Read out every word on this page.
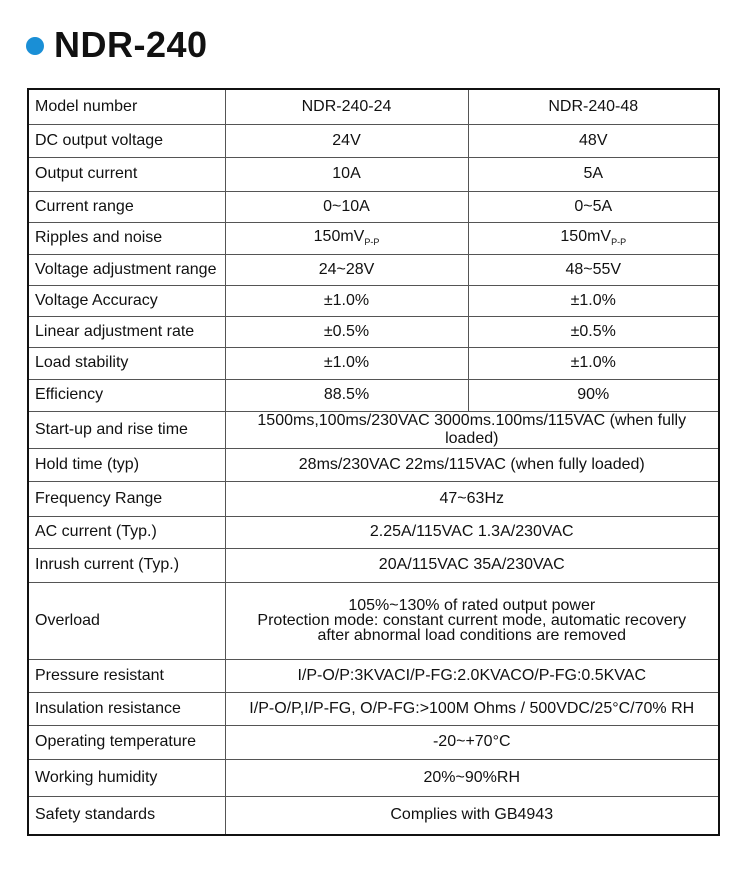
NDR-240
Model number	NDR-240-24	NDR-240-48
DC output voltage	24V	48V
Output current	10A	5A
Current range	0~10A	0~5A
Ripples and noise	$150mV_{P-P}$	$150mV_{P-P}$
Voltage adjustment range	24~28V	48~55V
Voltage Accuracy	±1.0%	±1.0%
Linear adjustment rate	±0.5%	±0.5%
Load stability	±1.0%	±1.0%
Efficiency	88.5%	90%
Start-up and rise time	1500ms,100ms/230VAC 3000ms.100ms/115VAC (when fully loaded)	
Hold time (typ)	28ms/230VAC 22ms/115VAC (when fully loaded)	
Frequency Range	47~63Hz	
AC current (Typ.)	2.25A/115VAC 1.3A/230VAC	
Inrush current (Typ.)	20A/115VAC 35A/230VAC	
Overload	105%~130% of rated output power
Protection mode: constant current mode, automatic recovery
after abnormal load conditions are removed	

Pressure resistant	I/P-O/P:3KVACI/P-FG:2.0KVACO/P-FG:0.5KVAC	
Insulation resistance	I/P-O/P,I/P-FG, O/P-FG:>100M Ohms / 500VDC/25°C/70% RH	
Operating temperature	-20~+70°C	
Working humidity	20%~90%RH	
Safety standards	Complies with GB4943	
